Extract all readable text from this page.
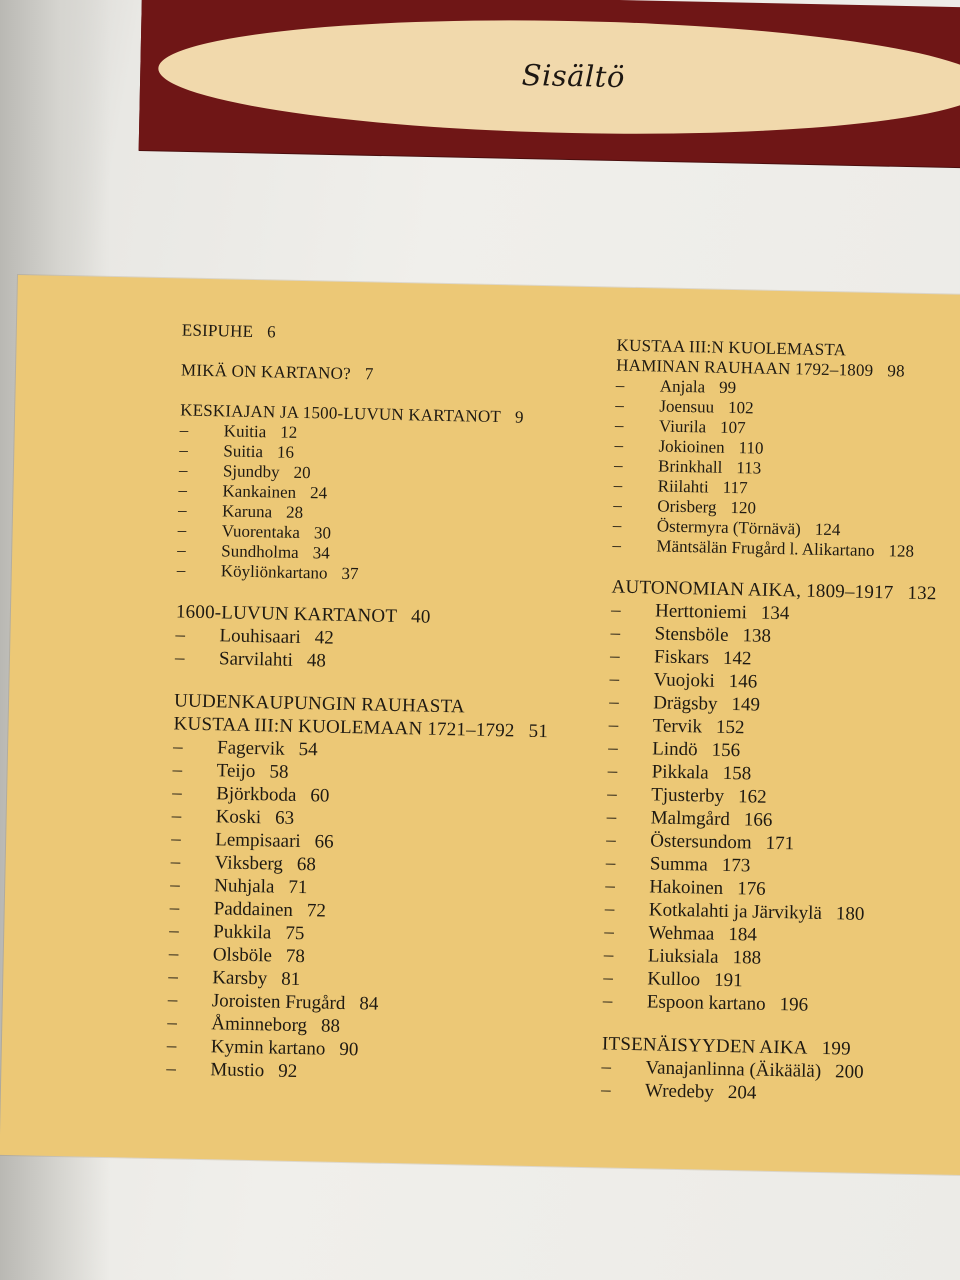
Sisältö
ESIPUHE 6
MIKÄ ON KARTANO? 7
KESKIAJAN JA 1500-LUVUN KARTANOT 9
– Kuitia 12
– Suitia 16
– Sjundby 20
– Kankainen 24
– Karuna 28
– Vuorentaka 30
– Sundholma 34
– Köyliönkartano 37
1600-LUVUN KARTANOT 40
– Louhisaari 42
– Sarvilahti 48
UUDENKAUPUNGIN RAUHASTA
KUSTAA III:N KUOLEMAAN 1721–1792 51
– Fagervik 54
– Teijo 58
– Björkboda 60
– Koski 63
– Lempisaari 66
– Viksberg 68
– Nuhjala 71
– Paddainen 72
– Pukkila 75
– Olsböle 78
– Karsby 81
– Joroisten Frugård 84
– Åminneborg 88
– Kymin kartano 90
– Mustio 92
KUSTAA III:N KUOLEMASTA
HAMINAN RAUHAAN 1792–1809 98
– Anjala 99
– Joensuu 102
– Viurila 107
– Jokioinen 110
– Brinkhall 113
– Riilahti 117
– Orisberg 120
– Östermyra (Törnävä) 124
– Mäntsälän Frugård l. Alikartano 128
AUTONOMIAN AIKA, 1809–1917 132
– Herttoniemi 134
– Stensböle 138
– Fiskars 142
– Vuojoki 146
– Drägsby 149
– Tervik 152
– Lindö 156
– Pikkala 158
– Tjusterby 162
– Malmgård 166
– Östersundom 171
– Summa 173
– Hakoinen 176
– Kotkalahti ja Järvikylä 180
– Wehmaa 184
– Liuksiala 188
– Kulloo 191
– Espoon kartano 196
ITSENÄISYYDEN AIKA 199
– Vanajanlinna (Äikäälä) 200
– Wredeby 204
